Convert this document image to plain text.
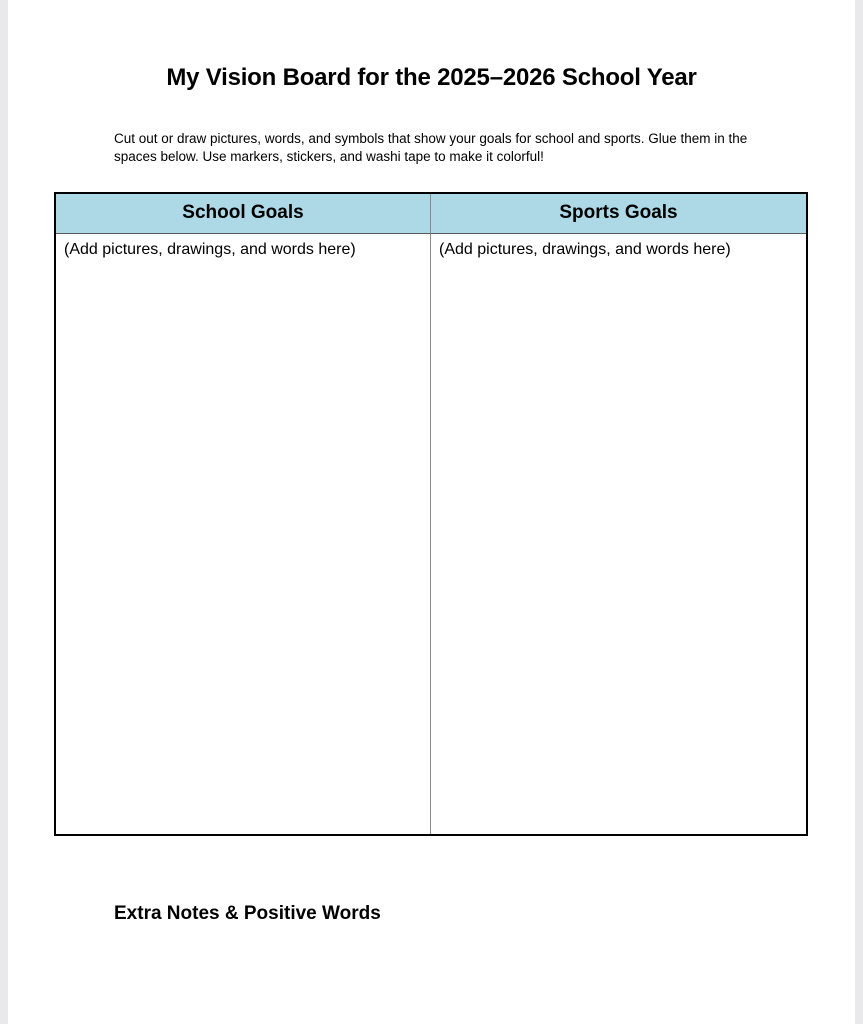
My Vision Board for the 2025–2026 School Year
Cut out or draw pictures, words, and symbols that show your goals for school and sports. Glue them in the spaces below. Use markers, stickers, and washi tape to make it colorful!
School Goals	Sports Goals
(Add pictures, drawings, and words here)	(Add pictures, drawings, and words here)
Extra Notes & Positive Words
